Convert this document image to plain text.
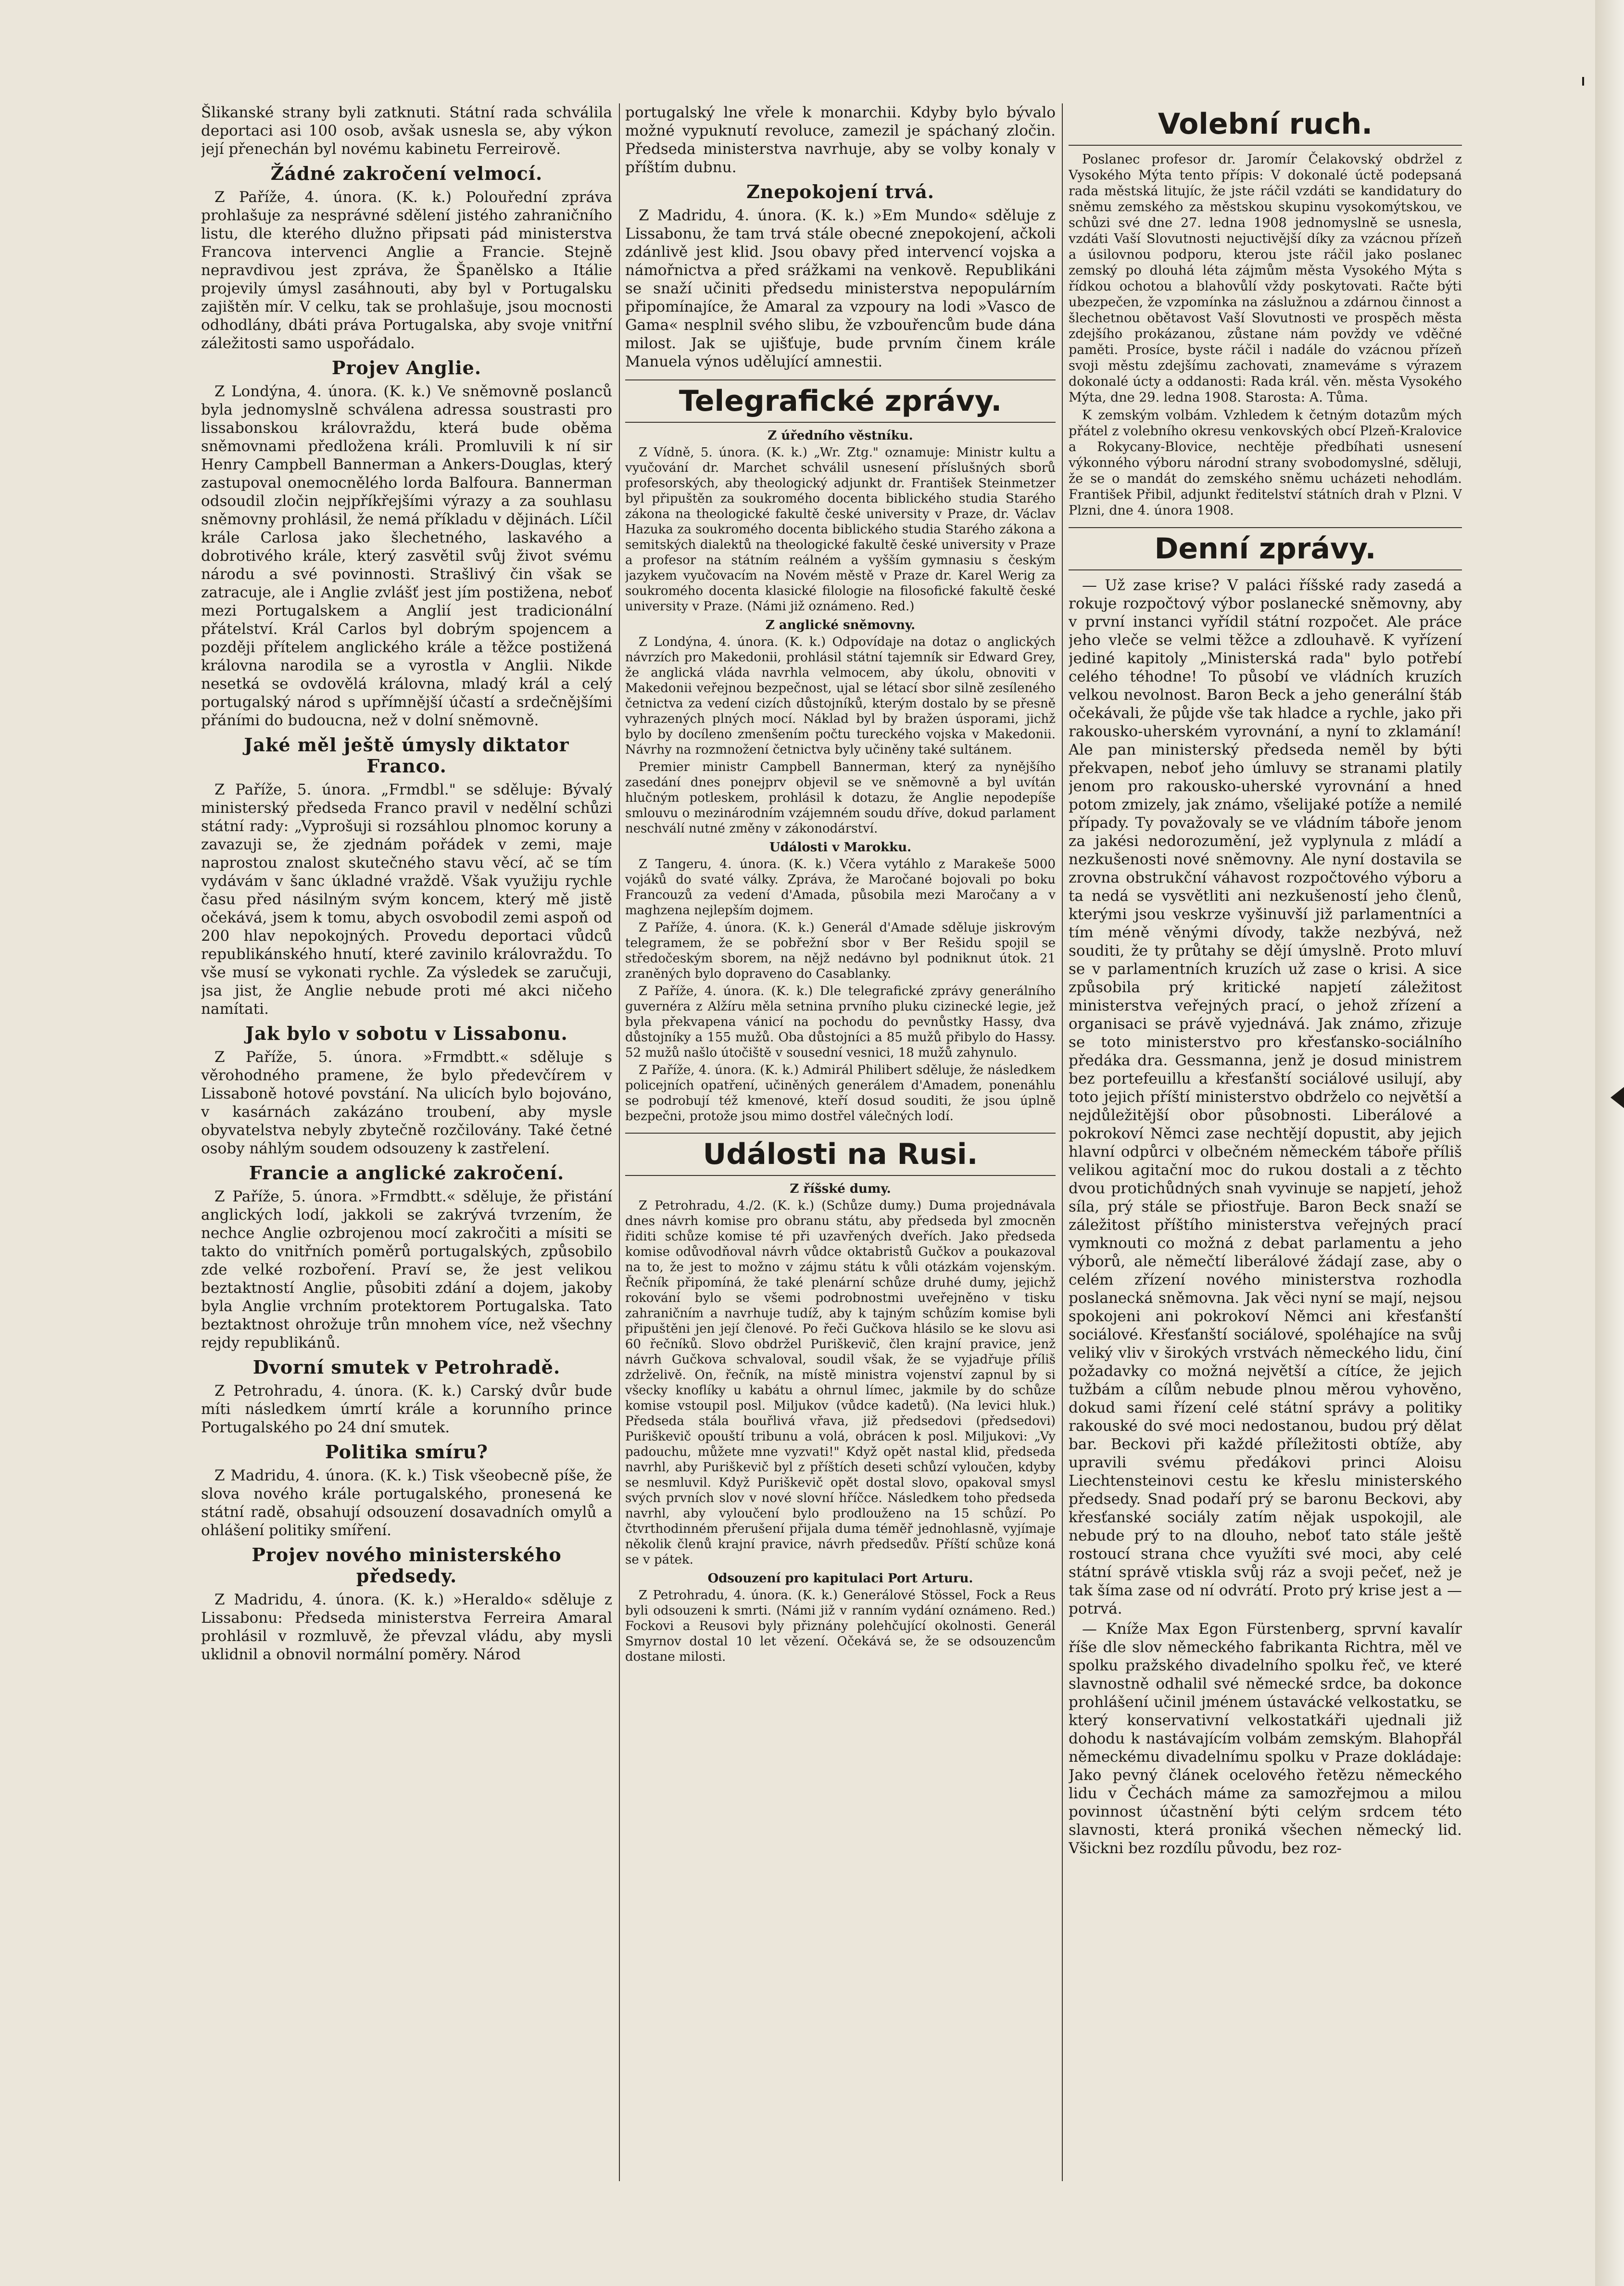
Šlikanské strany byli zatknuti. Státní rada schválila deportaci asi 100 osob, avšak usnesla se, aby výkon její přenechán byl novému kabinetu Ferreirově.

Žádné zakročení velmocí.

Z Paříže, 4. února. (K. k.) Polouřední zpráva prohlašuje za nesprávné sdělení jistého zahraničního listu, dle kterého dlužno připsati pád ministerstva Francova intervenci Anglie a Francie. Stejně nepravdivou jest zpráva, že Španělsko a Itálie projevily úmysl zasáhnouti, aby byl v Portugalsku zajištěn mír. V celku, tak se prohlašuje, jsou mocnosti odhodlány, dbáti práva Portugalska, aby svoje vnitřní záležitosti samo uspořádalo.

Projev Anglie.

Z Londýna, 4. února. (K. k.) Ve sněmovně poslanců byla jednomyslně schválena adressa soustrasti pro lissabonskou královraždu, která bude oběma sněmovnami předložena králi. Promluvili k ní sir Henry Campbell Bannerman a Ankers-Douglas, který zastupoval onemocnělého lorda Balfoura. Bannerman odsoudil zločin nejpříkřejšími výrazy a za souhlasu sněmovny prohlásil, že nemá příkladu v dějinách. Líčil krále Carlosa jako šlechetného, laskavého a dobrotivého krále, který zasvětil svůj život svému národu a své povinnosti. Strašlivý čin však se zatracuje, ale i Anglie zvlášť jest jím postižena, neboť mezi Portugalskem a Anglií jest tradicionální přátelství. Král Carlos byl dobrým spojencem a později přítelem anglického krále a těžce postižená královna narodila se a vyrostla v Anglii. Nikde nesetká se ovdovělá královna, mladý král a celý portugalský národ s upřímnější účastí a srdečnějšími přáními do budoucna, než v dolní sněmovně.

Jaké měl ještě úmysly diktator Franco.

Z Paříže, 5. února. „Frmdbl." se sděluje: Bývalý ministerský předseda Franco pravil v nedělní schůzi státní rady: „Vyprošuji si rozsáhlou plnomoc koruny a zavazuji se, že zjednám pořádek v zemi, maje naprostou znalost skutečného stavu věcí, ač se tím vydávám v šanc úkladné vraždě. Však využiju rychle času před násilným svým koncem, který mě jistě očekává, jsem k tomu, abych osvobodil zemi aspoň od 200 hlav nepokojných. Provedu deportaci vůdců republikánského hnutí, které zavinilo královraždu. To vše musí se vykonati rychle. Za výsledek se zaručuji, jsa jist, že Anglie nebude proti mé akci ničeho namítati.

Jak bylo v sobotu v Lissabonu.

Z Paříže, 5. února. »Frmdbtt.« sděluje s věrohodného pramene, že bylo předevčírem v Lissaboně hotové povstání. Na ulicích bylo bojováno, v kasárnách zakázáno troubení, aby mysle obyvatelstva nebyly zbytečně rozčilovány. Také četné osoby náhlým soudem odsouzeny k zastřelení.

Francie a anglické zakročení.

Z Paříže, 5. února. »Frmdbtt.« sděluje, že přistání anglických lodí, jakkoli se zakrývá tvrzením, že nechce Anglie ozbrojenou mocí zakročiti a mísiti se takto do vnitřních poměrů portugalských, způsobilo zde velké rozboření. Praví se, že jest velikou beztaktností Anglie, působiti zdání a dojem, jakoby byla Anglie vrchním protektorem Portugalska. Tato beztaktnost ohrožuje trůn mnohem více, než všechny rejdy republikánů.

Dvorní smutek v Petrohradě.

Z Petrohradu, 4. února. (K. k.) Carský dvůr bude míti následkem úmrtí krále a korunního prince Portugalského po 24 dní smutek.

Politika smíru?

Z Madridu, 4. února. (K. k.) Tisk všeobecně píše, že slova nového krále portugalského, pronesená ke státní radě, obsahují odsouzení dosavadních omylů a ohlášení politiky smíření.

Projev nového ministerského předsedy.

Z Madridu, 4. února. (K. k.) »Heraldo« sděluje z Lissabonu: Předseda ministerstva Ferreira Amaral prohlásil v rozmluvě, že převzal vládu, aby mysli uklidnil a obnovil normální poměry. Národ

portugalský lne vřele k monarchii. Kdyby bylo bývalo možné vypuknutí revoluce, zamezil je spáchaný zločin. Předseda ministerstva navrhuje, aby se volby konaly v příštím dubnu.

Znepokojení trvá.

Z Madridu, 4. února. (K. k.) »Em Mundo« sděluje z Lissabonu, že tam trvá stále obecné znepokojení, ačkoli zdánlivě jest klid. Jsou obavy před intervencí vojska a námořnictva a před srážkami na venkově. Republikáni se snaží učiniti předsedu ministerstva nepopulárním připomínajíce, že Amaral za vzpoury na lodi »Vasco de Gama« nesplnil svého slibu, že vzbouřencům bude dána milost. Jak se ujišťuje, bude prvním činem krále Manuela výnos udělující amnestii.

Telegrafické zprávy.
Z úředního věstníku.

Z Vídně, 5. února. (K. k.) „Wr. Ztg." oznamuje: Ministr kultu a vyučování dr. Marchet schválil usnesení příslušných sborů profesorských, aby theologický adjunkt dr. František Steinmetzer byl připuštěn za soukromého docenta biblického studia Starého zákona na theologické fakultě české university v Praze, dr. Václav Hazuka za soukromého docenta biblického studia Starého zákona a semitských dialektů na theologické fakultě české university v Praze a profesor na státním reálném a vyšším gymnasiu s českým jazykem vyučovacím na Novém městě v Praze dr. Karel Werig za soukromého docenta klasické filologie na filosofické fakultě české university v Praze. (Námi již oznámeno. Red.)

Z anglické sněmovny.

Z Londýna, 4. února. (K. k.) Odpovídaje na dotaz o anglických návrzích pro Makedonii, prohlásil státní tajemník sir Edward Grey, že anglická vláda navrhla velmocem, aby úkolu, obnoviti v Makedonii veřejnou bezpečnost, ujal se létací sbor silně zesíleného četnictva za vedení cizích důstojníků, kterým dostalo by se přesně vyhrazených plných mocí. Náklad byl by bražen úsporami, jichž bylo by docíleno zmenšením počtu tureckého vojska v Makedonii. Návrhy na rozmnožení četnictva byly učiněny také sultánem.

Premier ministr Campbell Bannerman, který za nynějšího zasedání dnes ponejprv objevil se ve sněmovně a byl uvítán hlučným potleskem, prohlásil k dotazu, že Anglie nepodepíše smlouvu o mezinárodním vzájemném soudu dříve, dokud parlament neschválí nutné změny v zákonodárství.

Události v Marokku.

Z Tangeru, 4. února. (K. k.) Včera vytáhlo z Marakeše 5000 vojáků do svaté války. Zpráva, že Maročané bojovali po boku Francouzů za vedení d'Amada, působila mezi Maročany a v maghzena nejlepším dojmem.

Z Paříže, 4. února. (K. k.) Generál d'Amade sděluje jiskrovým telegramem, že se pobřežní sbor v Ber Rešidu spojil se středočeským sborem, na nějž nedávno byl podniknut útok. 21 zraněných bylo dopraveno do Casablanky.

Z Paříže, 4. února. (K. k.) Dle telegrafické zprávy generálního guvernéra z Alžíru měla setnina prvního pluku cizinecké legie, jež byla překvapena vánicí na pochodu do pevnůstky Hassy, dva důstojníky a 155 mužů. Oba důstojníci a 85 mužů přibylo do Hassy. 52 mužů našlo útočiště v sousední vesnici, 18 mužů zahynulo.

Z Paříže, 4. února. (K. k.) Admirál Philibert sděluje, že následkem policejních opatření, učiněných generálem d'Amadem, ponenáhlu se podrobují též kmenové, kteří dosud souditi, že jsou úplně bezpečni, protože jsou mimo dostřel válečných lodí.

Události na Rusi.
Z říšské dumy.

Z Petrohradu, 4./2. (K. k.) (Schůze dumy.) Duma projednávala dnes návrh komise pro obranu státu, aby předseda byl zmocněn řiditi schůze komise té při uzavřených dveřích. Jako předseda komise odůvodňoval návrh vůdce oktabristů Gučkov a poukazoval na to, že jest to možno v zájmu státu k vůli otázkám vojenským. Řečník připomíná, že také plenární schůze druhé dumy, jejichž rokování bylo se všemi podrobnostmi uveřejněno v tisku zahraničním a navrhuje tudíž, aby k tajným schůzím komise byli připuštěni jen její členové. Po řeči Gučkova hlásilo se ke slovu asi 60 řečníků. Slovo obdržel Puriškevič, člen krajní pravice, jenž návrh Gučkova schvaloval, soudil však, že se vyjadřuje příliš zdrželivě. On, řečník, na místě ministra vojenství zapnul by si všecky knoflíky u kabátu a ohrnul límec, jakmile by do schůze komise vstoupil posl. Miljukov (vůdce kadetů). (Na levici hluk.) Předseda stála bouřlivá vřava, již předsedovi (předsedovi) Puriškevič opouští tribunu a volá, obrácen k posl. Miljukovi: „Vy padouchu, můžete mne vyzvati!" Když opět nastal klid, předseda navrhl, aby Puriškevič byl z příštích deseti schůzí vyloučen, kdyby se nesmluvil. Když Puriškevič opět dostal slovo, opakoval smysl svých prvních slov v nové slovní hříčce. Následkem toho předseda navrhl, aby vyloučení bylo prodlouženo na 15 schůzí. Po čtvrthodinném přerušení přijala duma téměř jednohlasně, vyjímaje několik členů krajní pravice, návrh předsedův. Příští schůze koná se v pátek.

Odsouzení pro kapitulaci Port Arturu.

Z Petrohradu, 4. února. (K. k.) Generálové Stössel, Fock a Reus byli odsouzeni k smrti. (Námi již v ranním vydání oznámeno. Red.) Fockovi a Reusovi byly přiznány polehčující okolnosti. Generál Smyrnov dostal 10 let vězení. Očekává se, že se odsouzencům dostane milosti.

Volební ruch.

Poslanec profesor dr. Jaromír Čelakovský obdržel z Vysokého Mýta tento přípis: V dokonalé úctě podepsaná rada městská litujíc, že jste ráčil vzdáti se kandidatury do sněmu zemského za městskou skupinu vysokomýtskou, ve schůzi své dne 27. ledna 1908 jednomyslně se usnesla, vzdáti Vaší Slovutnosti nejuctivější díky za vzácnou přízeň a úsilovnou podporu, kterou jste ráčil jako poslanec zemský po dlouhá léta zájmům města Vysokého Mýta s řídkou ochotou a blahovůlí vždy poskytovati. Račte býti ubezpečen, že vzpomínka na záslužnou a zdárnou činnost a šlechetnou obětavost Vaší Slovutnosti ve prospěch města zdejšího prokázanou, zůstane nám povždy ve vděčné paměti. Prosíce, byste ráčil i nadále do vzácnou přízeň svoji městu zdejšímu zachovati, znameváme s výrazem dokonalé úcty a oddanosti: Rada král. věn. města Vysokého Mýta, dne 29. ledna 1908. Starosta: A. Tůma.

K zemským volbám. Vzhledem k četným dotazům mých přátel z volebního okresu venkovských obcí Plzeň-Kralovice a Rokycany-Blovice, nechtěje předbíhati usnesení výkonného výboru národní strany svobodomyslné, sděluji, že se o mandát do zemského sněmu ucházeti nehodlám. František Přibil, adjunkt ředitelství státních drah v Plzni. V Plzni, dne 4. února 1908.

Denní zprávy.

— Už zase krise? V paláci říšské rady zasedá a rokuje rozpočtový výbor poslanecké sněmovny, aby v první instanci vyřídil státní rozpočet. Ale práce jeho vleče se velmi těžce a zdlouhavě. K vyřízení jediné kapitoly „Ministerská rada" bylo potřebí celého téhodne! To působí ve vládních kruzích velkou nevolnost. Baron Beck a jeho generální štáb očekávali, že půjde vše tak hladce a rychle, jako při rakousko-uherském vyrovnání, a nyní to zklamání! Ale pan ministerský předseda neměl by býti překvapen, neboť jeho úmluvy se stranami platily jenom pro rakousko-uherské vyrovnání a hned potom zmizely, jak známo, všelijaké potíže a nemilé případy. Ty považovaly se ve vládním táboře jenom za jakési nedorozumění, jež vyplynula z mládí a nezkušenosti nové sněmovny. Ale nyní dostavila se zrovna obstrukční váhavost rozpočtového výboru a ta nedá se vysvětliti ani nezkušeností jeho členů, kterými jsou veskrze vyšinuvší již parlamentníci a tím méně věnými dívody, takže nezbývá, než souditi, že ty průtahy se dějí úmyslně. Proto mluví se v parlamentních kruzích už zase o krisi. A sice způsobila prý kritické napjetí záležitost ministerstva veřejných prací, o jehož zřízení a organisaci se právě vyjednává. Jak známo, zřizuje se toto ministerstvo pro křesťansko-sociálního předáka dra. Gessmanna, jenž je dosud ministrem bez portefeuillu a křesťanští sociálové usilují, aby toto jejich příští ministerstvo obdrželo co největší a nejdůležitější obor působnosti. Liberálové a pokrokoví Němci zase nechtějí dopustit, aby jejich hlavní odpůrci v olbečném německém táboře příliš velikou agitační moc do rukou dostali a z těchto dvou protichůdných snah vyvinuje se napjetí, jehož síla, prý stále se přiostřuje. Baron Beck snaží se záležitost příštího ministerstva veřejných prací vymknouti co možná z debat parlamentu a jeho výborů, ale němečtí liberálové žádají zase, aby o celém zřízení nového ministerstva rozhodla poslanecká sněmovna. Jak věci nyní se mají, nejsou spokojeni ani pokrokoví Němci ani křesťanští sociálové. Křesťanští sociálové, spoléhajíce na svůj veliký vliv v širokých vrstvách německého lidu, činí požadavky co možná největší a cítíce, že jejich tužbám a cílům nebude plnou měrou vyhověno, dokud sami řízení celé státní správy a politiky rakouské do své moci nedostanou, budou prý dělat bar. Beckovi při každé příležitosti obtíže, aby upravili svému předákovi princi Aloisu Liechtensteinovi cestu ke křeslu ministerského předsedy. Snad podaří prý se baronu Beckovi, aby křesťanské sociály zatím nějak uspokojil, ale nebude prý to na dlouho, neboť tato stále ještě rostoucí strana chce využíti své moci, aby celé státní správě vtiskla svůj ráz a svoji pečeť, než je tak šíma zase od ní odvrátí. Proto prý krise jest a — potrvá.

— Kníže Max Egon Fürstenberg, sprvní kavalír říše dle slov německého fabrikanta Richtra, měl ve spolku pražského divadelního spolku řeč, ve které slavnostně odhalil své německé srdce, ba dokonce prohlášení učinil jménem ústavácké velkostatku, se který konservativní velkostatkáři ujednali již dohodu k nastávajícím volbám zemským. Blahopřál německému divadelnímu spolku v Praze dokládaje: Jako pevný článek ocelového řetězu německého lidu v Čechách máme za samozřejmou a milou povinnost účastnění býti celým srdcem této slavnosti, která proniká všechen německý lid. Všickni bez rozdílu původu, bez roz-
